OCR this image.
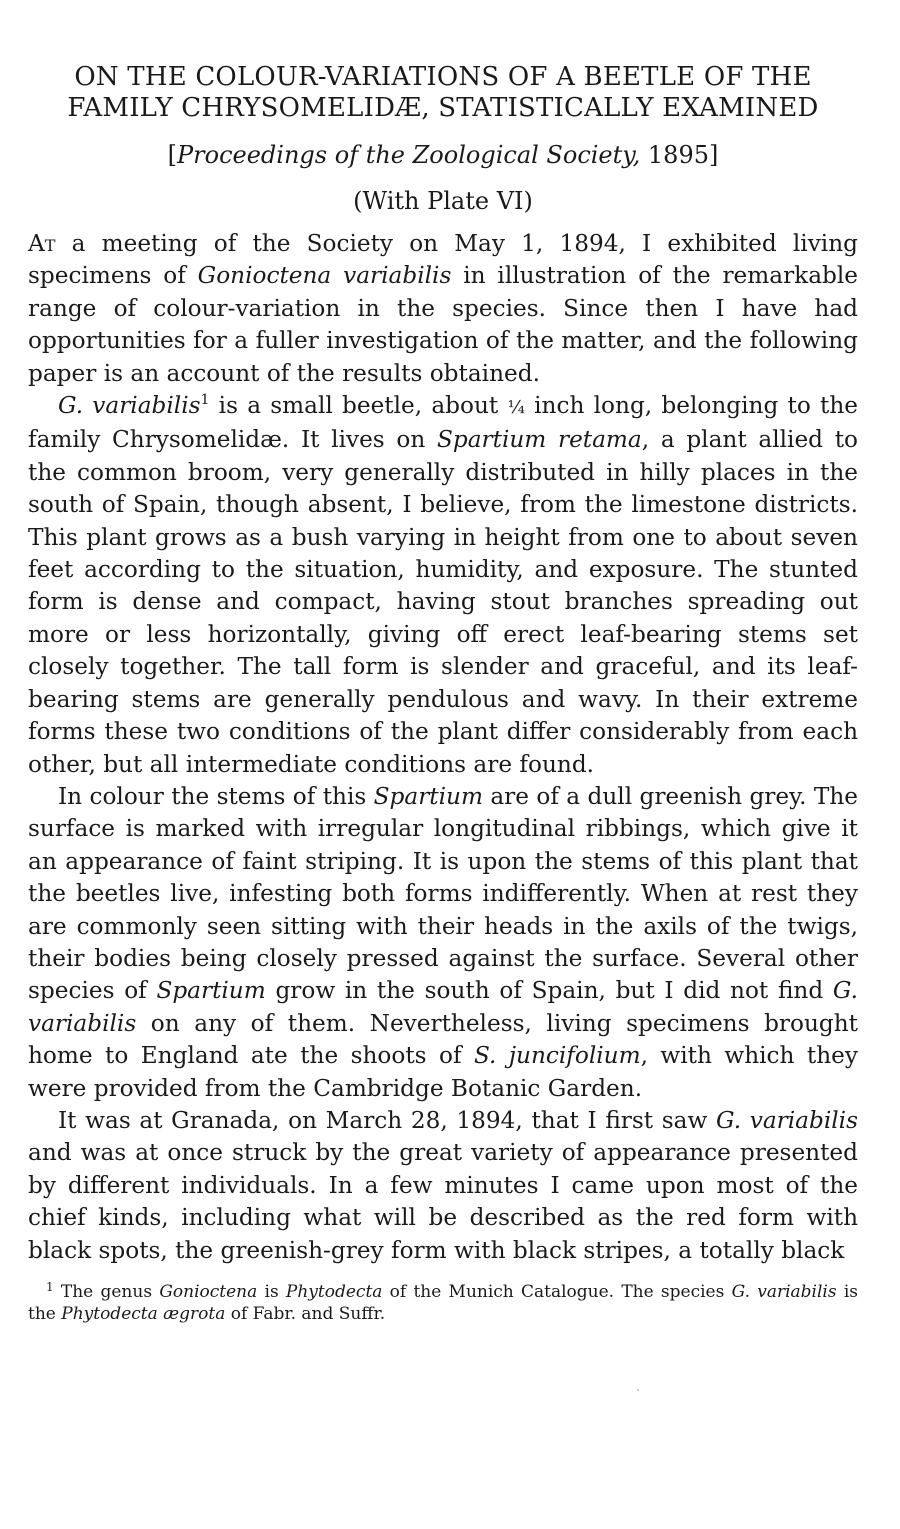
ON THE COLOUR-VARIATIONS OF A BEETLE OF THE
FAMILY CHRYSOMELIDÆ, STATISTICALLY EXAMINED
[Proceedings of the Zoological Society, 1895]
(With Plate VI)

At a meeting of the Society on May 1, 1894, I exhibited living specimens of Gonioctena variabilis in illustration of the remarkable range of colour-variation in the species. Since then I have had opportunities for a fuller investigation of the matter, and the following paper is an account of the results obtained.

G. variabilis$^1$ is a small beetle, about ¼ inch long, belonging to the family Chrysomelidæ. It lives on Spartium retama, a plant allied to the common broom, very generally distributed in hilly places in the south of Spain, though absent, I believe, from the limestone districts. This plant grows as a bush varying in height from one to about seven feet according to the situation, humidity, and exposure. The stunted form is dense and compact, having stout branches spreading out more or less horizontally, giving off erect leaf-bearing stems set closely together. The tall form is slender and graceful, and its leaf-bearing stems are generally pendulous and wavy. In their extreme forms these two conditions of the plant differ considerably from each other, but all intermediate conditions are found.

In colour the stems of this Spartium are of a dull greenish grey. The surface is marked with irregular longitudinal ribbings, which give it an appearance of faint striping. It is upon the stems of this plant that the beetles live, infesting both forms indifferently. When at rest they are commonly seen sitting with their heads in the axils of the twigs, their bodies being closely pressed against the surface. Several other species of Spartium grow in the south of Spain, but I did not find G. variabilis on any of them. Nevertheless, living specimens brought home to England ate the shoots of S. juncifolium, with which they were provided from the Cambridge Botanic Garden.

It was at Granada, on March 28, 1894, that I first saw G. variabilis and was at once struck by the great variety of appearance presented by different individuals. In a few minutes I came upon most of the chief kinds, including what will be described as the red form with black spots, the greenish-grey form with black stripes, a totally black

$^1$ The genus Gonioctena is Phytodecta of the Munich Catalogue. The species G. variabilis is the Phytodecta ægrota of Fabr. and Suffr.
